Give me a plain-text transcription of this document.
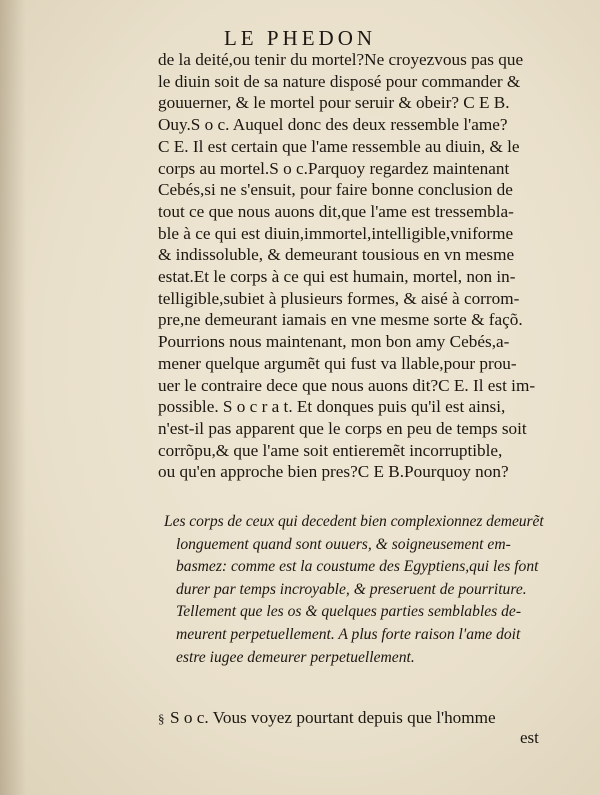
LE PHEDON
de la deité,ou tenir du mortel?Ne croyezvous pas que
le diuin soit de sa nature disposé pour commander &
gouuerner, & le mortel pour seruir & obeir? C E B.
Ouy.S o c. Auquel donc des deux ressemble l'ame?
C E. Il est certain que l'ame ressemble au diuin, & le
corps au mortel.S o c.Parquoy regardez maintenant
Cebés,si ne s'ensuit, pour faire bonne conclusion de
tout ce que nous auons dit,que l'ame est tressembla-
ble à ce qui est diuin,immortel,intelligible,vniforme
& indissoluble, & demeurant tousious en vn mesme
estat.Et le corps à ce qui est humain, mortel, non in-
telligible,subiet à plusieurs formes, & aisé à corrom-
pre,ne demeurant iamais en vne mesme sorte & façõ.
Pourrions nous maintenant, mon bon amy Cebés,a-
mener quelque argumẽt qui fust va llable,pour prou-
uer le contraire dece que nous auons dit?C E. Il est im-
possible. S o c r a t. Et donques puis qu'il est ainsi,
n'est-il pas apparent que le corps en peu de temps soit
corrõpu,& que l'ame soit entieremẽt incorruptible,
ou qu'en approche bien pres?C E B.Pourquoy non?
Les corps de ceux qui decedent bien complexionnez demeurẽt
longuement quand sont ouuers, & soigneusement em-
basmez: comme est la coustume des Egyptiens,qui les font
durer par temps incroyable, & preseruent de pourriture.
Tellement que les os & quelques parties semblables de-
meurent perpetuellement. A plus forte raison l'ame doit
estre iugee demeurer perpetuellement.
§ S o c. Vous voyez pourtant depuis que l'homme
est
